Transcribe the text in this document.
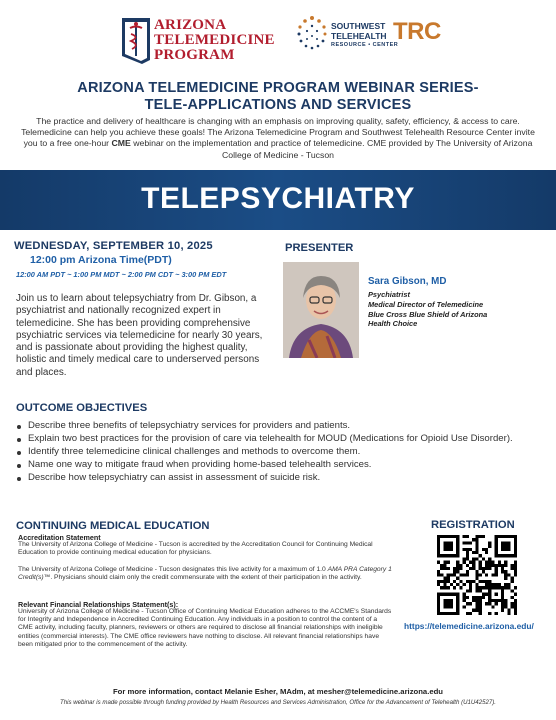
ARIZONA
TELEMEDICINE
PROGRAM
SOUTHWEST
TELEHEALTH TRC
RESOURCE • CENTER
ARIZONA TELEMEDICINE PROGRAM WEBINAR SERIES-
TELE-APPLICATIONS AND SERVICES
The practice and delivery of healthcare is changing with an emphasis on improving quality, safety, efficiency, & access to care. Telemedicine can help you achieve these goals! The Arizona Telemedicine Program and Southwest Telehealth Resource Center invite you to a free one-hour CME webinar on the implementation and practice of telemedicine. CME provided by The University of Arizona College of Medicine - Tucson
TELEPSYCHIATRY
WEDNESDAY, SEPTEMBER 10, 2025
12:00 pm Arizona Time(PDT)
12:00 AM PDT ~ 1:00 PM MDT ~ 2:00 PM CDT ~ 3:00 PM EDT
Join us to learn about telepsychiatry from Dr. Gibson, a psychiatrist and nationally recognized expert in telemedicine. She has been providing comprehensive psychiatric services via telemedicine for nearly 30 years, and is passionate about providing the highest quality, holistic and timely medical care to underserved persons and places.
PRESENTER
Sara Gibson, MD
Psychiatrist
Medical Director of Telemedicine
Blue Cross Blue Shield of Arizona
Health Choice
OUTCOME OBJECTIVES
Describe three benefits of telepsychiatry services for providers and patients.
Explain two best practices for the provision of care via telehealth for MOUD (Medications for Opioid Use Disorder).
Identify three telemedicine clinical challenges and methods to overcome them.
Name one way to mitigate fraud when providing home-based telehealth services.
Describe how telepsychiatry can assist in assessment of suicide risk.
CONTINUING MEDICAL EDUCATION
Accreditation Statement
The University of Arizona College of Medicine - Tucson is accredited by the Accreditation Council for Continuing Medical Education to provide continuing medical education for physicians.
The University of Arizona College of Medicine - Tucson designates this live activity for a maximum of 1.0 AMA PRA Category 1 Credit(s)™. Physicians should claim only the credit commensurate with the extent of their participation in the activity.
Relevant Financial Relationships Statement(s):
University of Arizona College of Medicine - Tucson Office of Continuing Medical Education adheres to the ACCME's Standards for Integrity and Independence in Accredited Continuing Education. Any individuals in a position to control the content of a CME activity, including faculty, planners, reviewers or others are required to disclose all financial relationships with ineligible entities (commercial interests). The CME office reviewers have nothing to disclose. All relevant financial relationships have been mitigated prior to the commencement of the activity.
REGISTRATION
https://telemedicine.arizona.edu/
For more information, contact Melanie Esher, MAdm, at mesher@telemedicine.arizona.edu
This webinar is made possible through funding provided by Health Resources and Services Administration, Office for the Advancement of Telehealth (U1U42527).
